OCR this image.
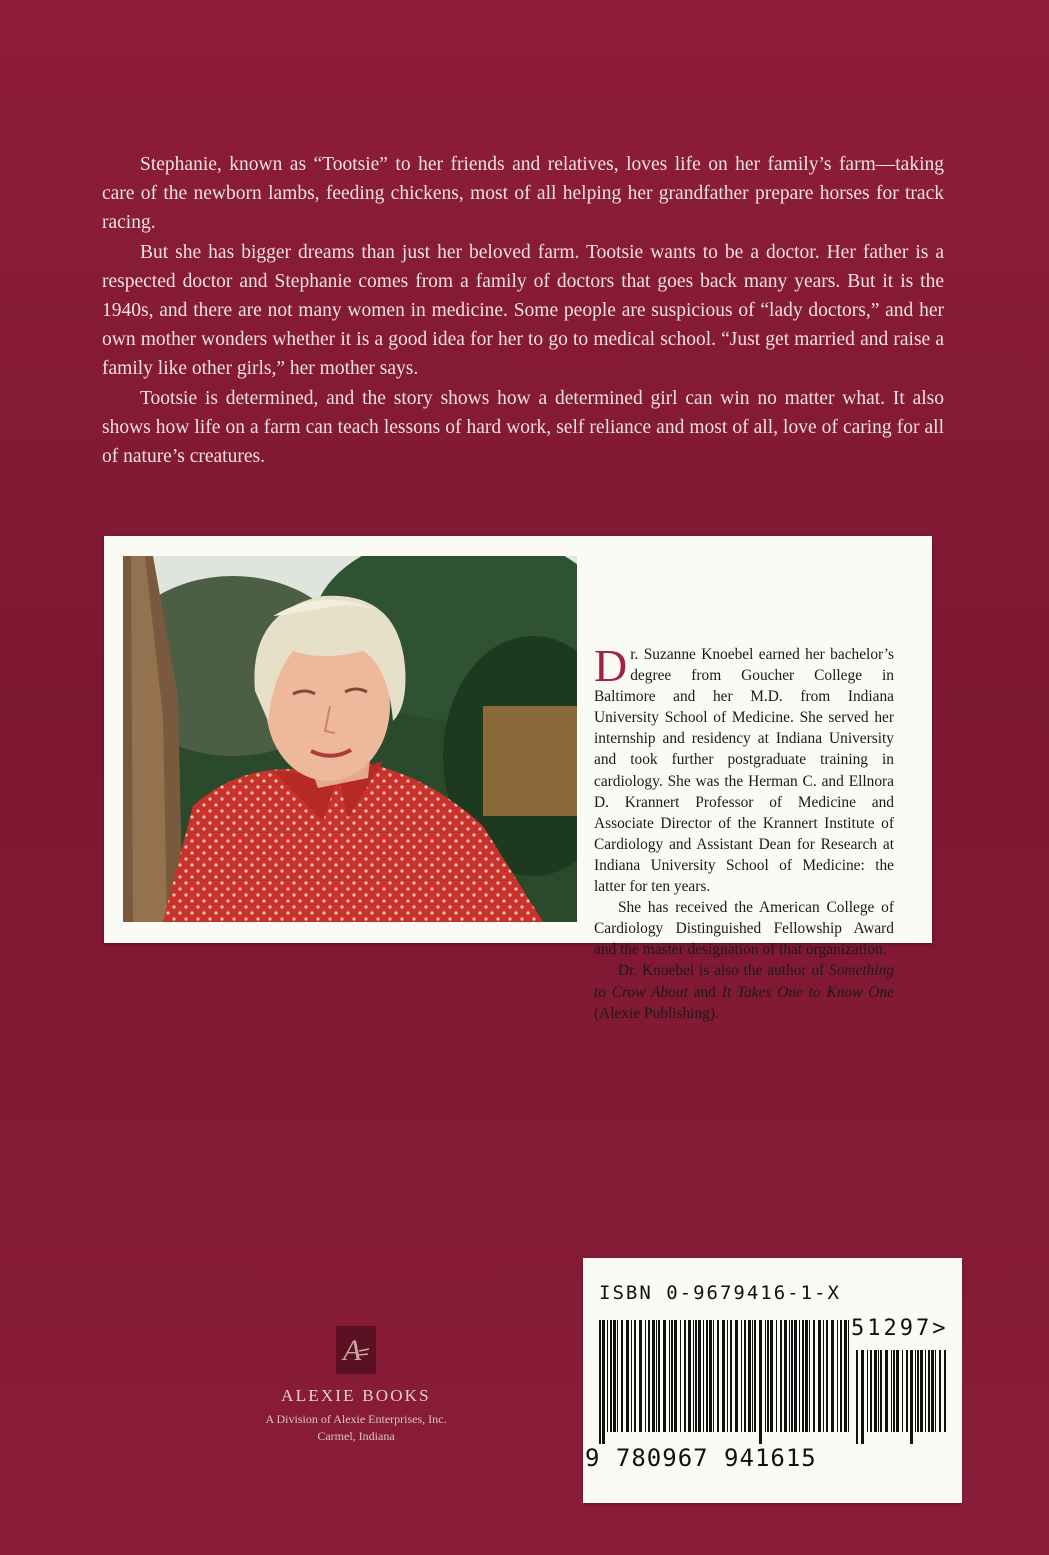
Stephanie, known as “Tootsie” to her friends and relatives, loves life on her family’s farm—taking care of the newborn lambs, feeding chickens, most of all helping her grandfather prepare horses for track racing.

But she has bigger dreams than just her beloved farm. Tootsie wants to be a doctor. Her father is a respected doctor and Stephanie comes from a family of doctors that goes back many years. But it is the 1940s, and there are not many women in medicine. Some people are suspicious of “lady doctors,” and her own mother wonders whether it is a good idea for her to go to medical school. “Just get married and raise a family like other girls,” her mother says.

Tootsie is determined, and the story shows how a determined girl can win no matter what. It also shows how life on a farm can teach lessons of hard work, self reliance and most of all, love of caring for all of nature’s creatures.

Dr. Suzanne Knoebel earned her bachelor’s degree from Goucher College in Baltimore and her M.D. from Indiana University School of Medicine. She served her internship and residency at Indiana University and took further postgraduate training in cardiology. She was the Herman C. and Ellnora D. Krannert Professor of Medicine and Associate Director of the Krannert Institute of Cardiology and Assistant Dean for Research at Indiana University School of Medicine: the latter for ten years.

She has received the American College of Cardiology Distinguished Fellowship Award and the master designation of that organization.

Dr. Knoebel is also the author of Something to Crow About and It Takes One to Know One (Alexie Publishing).

A
ALEXIE BOOKS
A Division of Alexie Enterprises, Inc.
Carmel, Indiana
ISBN 0-9679416-1-X
51297>
9 780967 941615
